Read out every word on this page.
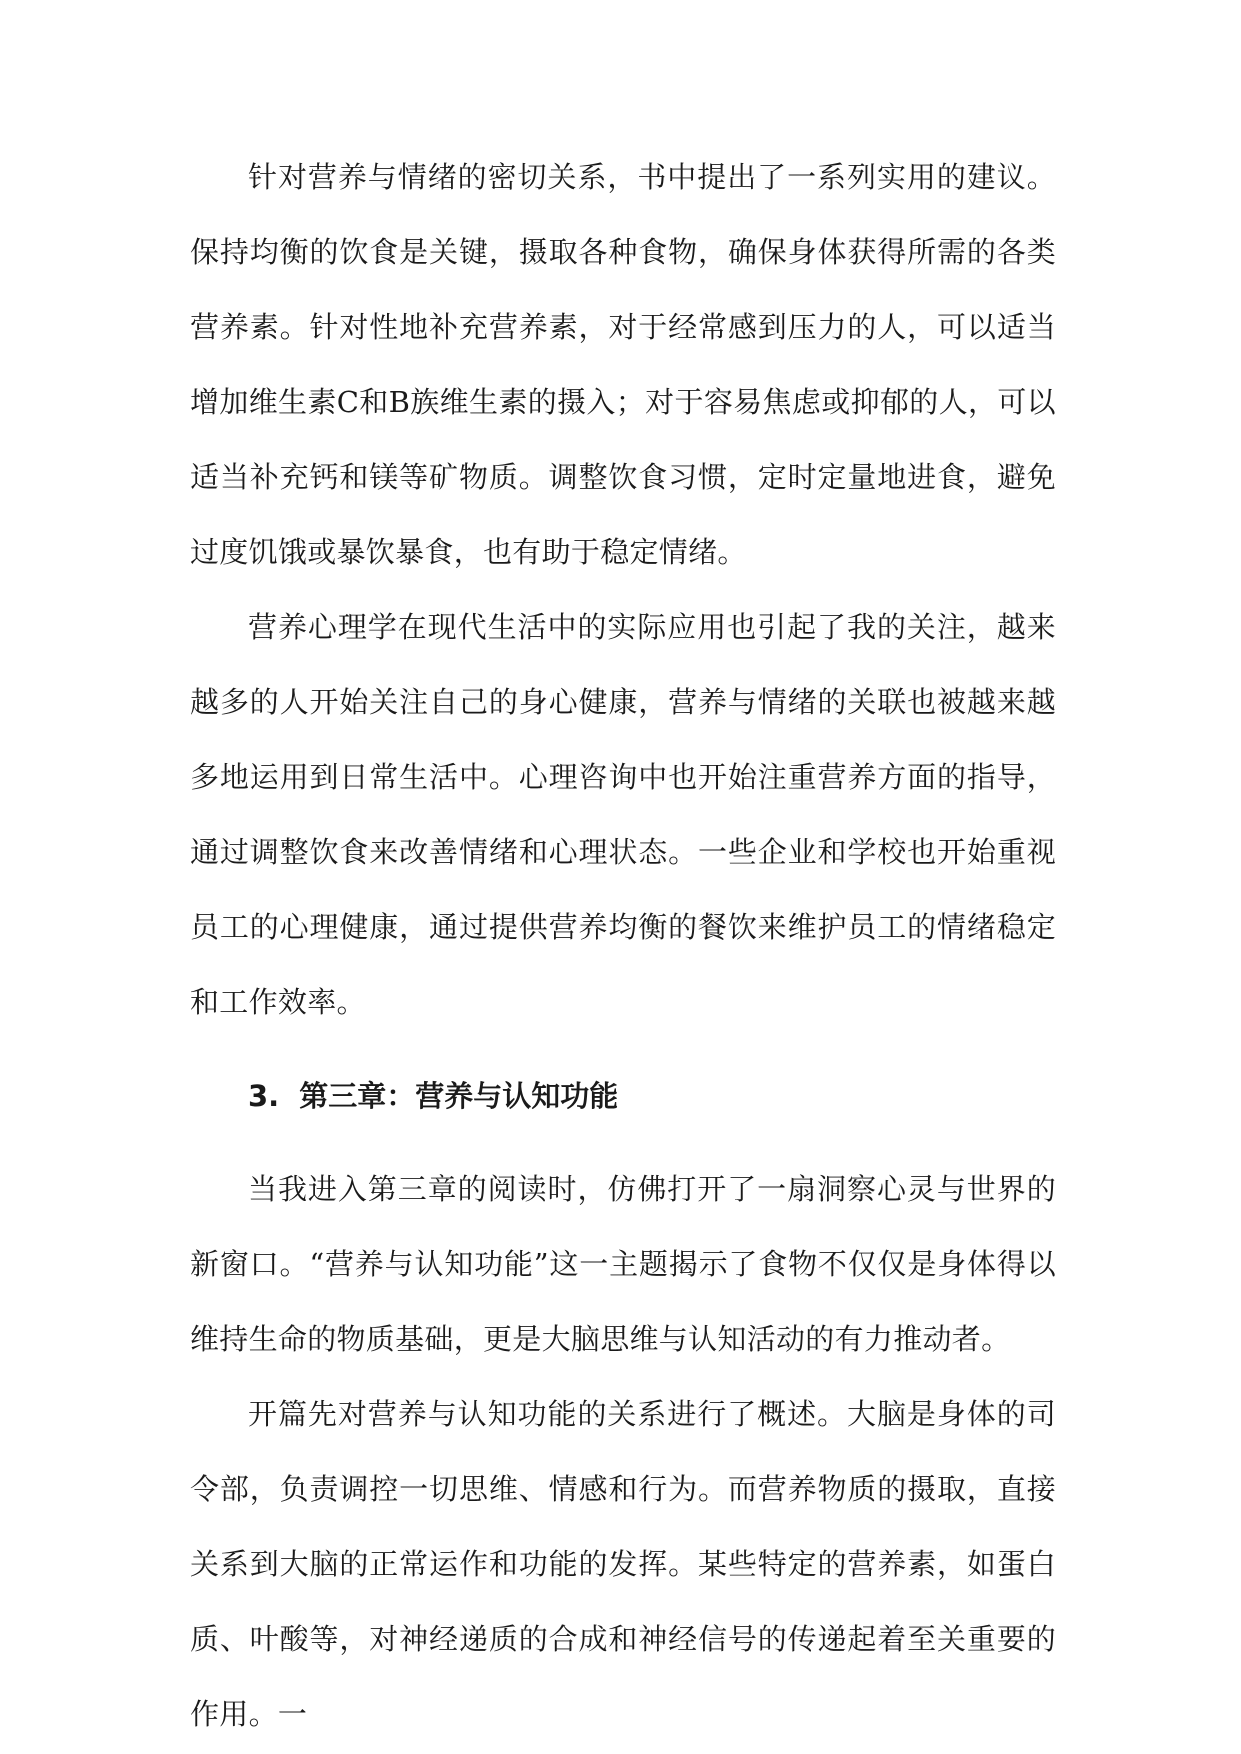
针对营养与情绪的密切关系，书中提出了一系列实用的建议。保持均衡的饮食是关键，摄取各种食物，确保身体获得所需的各类营养素。针对性地补充营养素，对于经常感到压力的人，可以适当增加维生素C和B族维生素的摄入；对于容易焦虑或抑郁的人，可以适当补充钙和镁等矿物质。调整饮食习惯，定时定量地进食，避免过度饥饿或暴饮暴食，也有助于稳定情绪。

营养心理学在现代生活中的实际应用也引起了我的关注，越来越多的人开始关注自己的身心健康，营养与情绪的关联也被越来越多地运用到日常生活中。心理咨询中也开始注重营养方面的指导，通过调整饮食来改善情绪和心理状态。一些企业和学校也开始重视员工的心理健康，通过提供营养均衡的餐饮来维护员工的情绪稳定和工作效率。

3. 第三章：营养与认知功能

当我进入第三章的阅读时，仿佛打开了一扇洞察心灵与世界的新窗口。“营养与认知功能”这一主题揭示了食物不仅仅是身体得以维持生命的物质基础，更是大脑思维与认知活动的有力推动者。

开篇先对营养与认知功能的关系进行了概述。大脑是身体的司令部，负责调控一切思维、情感和行为。而营养物质的摄取，直接关系到大脑的正常运作和功能的发挥。某些特定的营养素，如蛋白质、叶酸等，对神经递质的合成和神经信号的传递起着至关重要的作用。一
